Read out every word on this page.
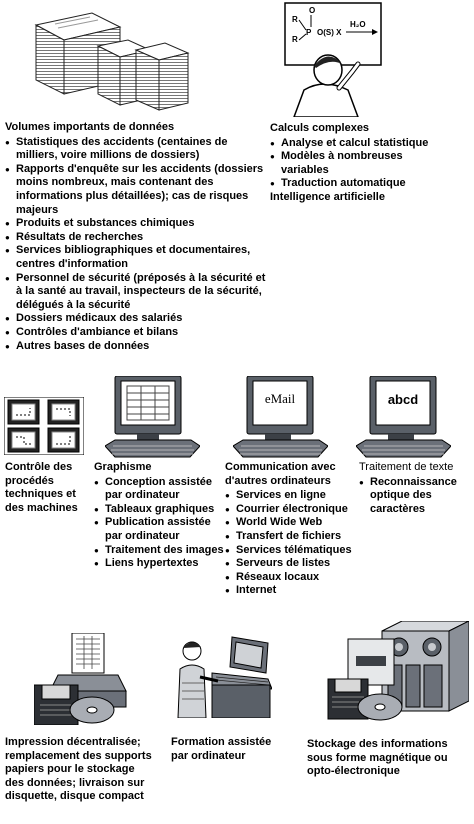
R
R
O
P O(S) X
H₂O
Volumes importants de données
● Statistiques des accidents (centaines de milliers, voire millions de dossiers)
● Rapports d'enquête sur les accidents (dossiers moins nombreux, mais contenant des informations plus détaillées); cas de risques majeurs
● Produits et substances chimiques
● Résultats de recherches
● Services bibliographiques et documentaires, centres d'information
● Personnel de sécurité (préposés à la sécurité et à la santé au travail, inspecteurs de la sécurité, délégués à la sécurité
● Dossiers médicaux des salariés
● Contrôles d'ambiance et bilans
● Autres bases de données
Calculs complexes
● Analyse et calcul statistique
● Modèles à nombreuses variables
● Traduction automatique
Intelligence artificielle
eMail	abcd
Contrôle des procédés techniques et des machines
Graphisme
● Conception assistée par ordinateur
● Tableaux graphiques
● Publication assistée par ordinateur
● Traitement des images
● Liens hypertextes
Communication avec d'autres ordinateurs
● Services en ligne
● Courrier électronique
● World Wide Web
● Transfert de fichiers
● Services télématiques
● Serveurs de listes
● Réseaux locaux
● Internet
Traitement de texte
● Reconnaissance optique des caractères
Impression décentralisée; remplacement des supports papiers pour le stockage des données; livraison sur disquette, disque compact
Formation assistée par ordinateur
Stockage des informations sous forme magnétique ou opto-électronique
